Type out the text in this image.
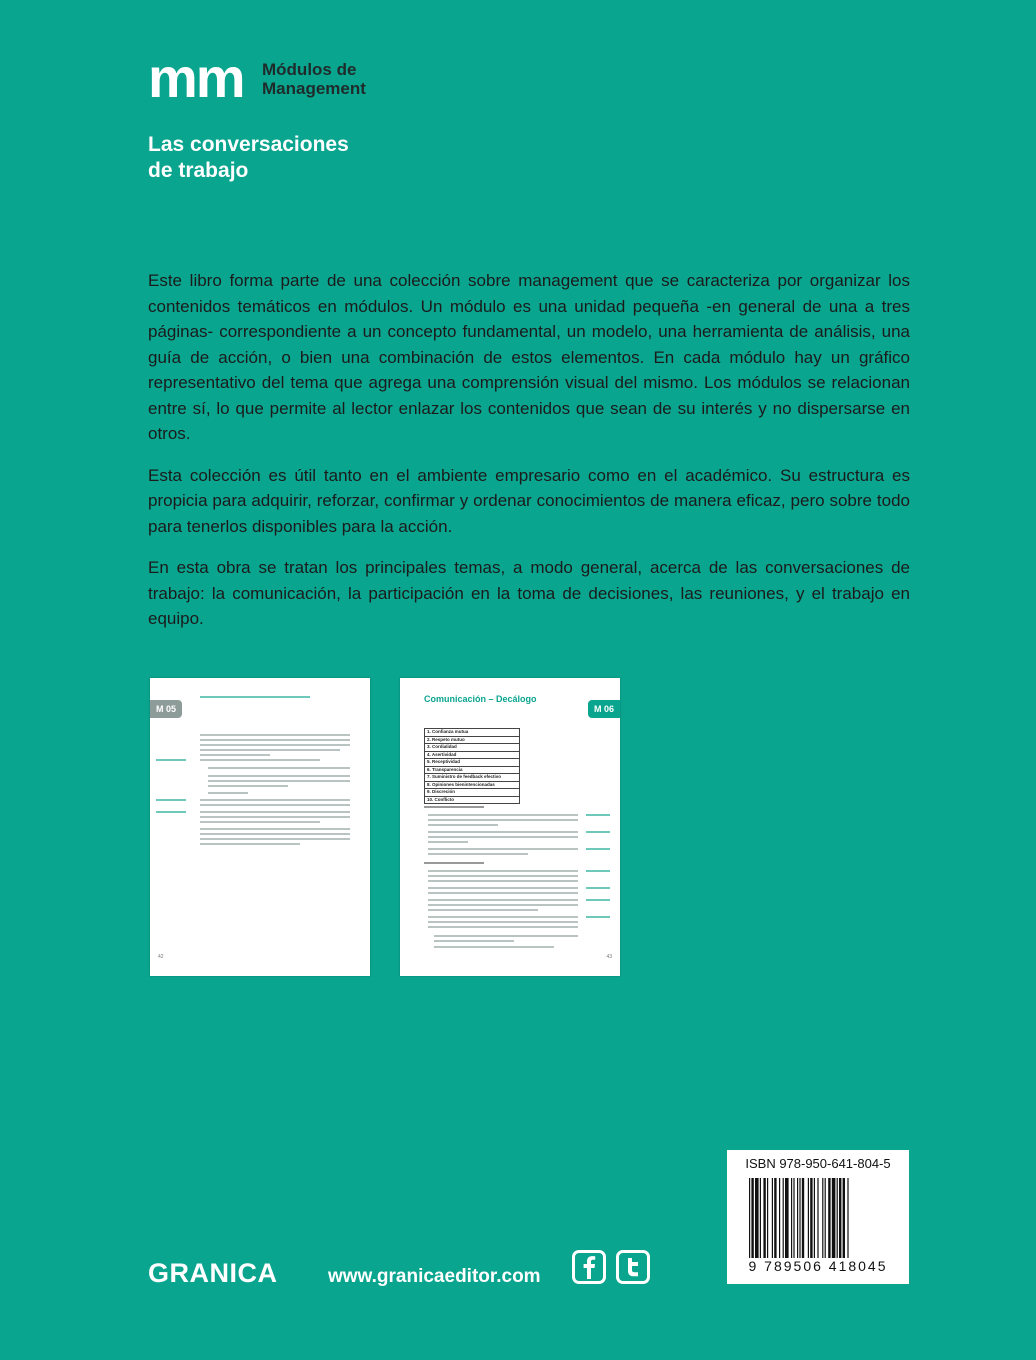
mm Módulos de
Management
Las conversaciones
de trabajo

Este libro forma parte de una colección sobre management que se caracteriza por organizar los contenidos temáticos en módulos. Un módulo es una unidad pequeña -en general de una a tres páginas- correspondiente a un concepto fundamental, un modelo, una herramienta de análisis, una guía de acción, o bien una combinación de estos elementos. En cada módulo hay un gráfico representativo del tema que agrega una comprensión visual del mismo. Los módulos se relacionan entre sí, lo que permite al lector enlazar los contenidos que sean de su interés y no dispersarse en otros.

Esta colección es útil tanto en el ambiente empresario como en el académico. Su estructura es propicia para adquirir, reforzar, confirmar y ordenar conocimientos de manera eficaz, pero sobre todo para tenerlos disponibles para la acción.

En esta obra se tratan los principales temas, a modo general, acerca de las conversaciones de trabajo: la comunicación, la participación en la toma de decisiones, las reuniones, y el trabajo en equipo.

M 05
42
Comunicación – Decálogo
M 06
1. Confianza mutua
2. Respeto mutuo
3. Cordialidad
4. Asertividad
5. Receptividad
6. Transparencia
7. Suministro de feedback efectivo
8. Opiniones bienintencionadas
9. Discreción
10. Conflicto
43
ISBN 978-950-641-804-5
9 789506 418045
GRANICA	www.granicaeditor.com
